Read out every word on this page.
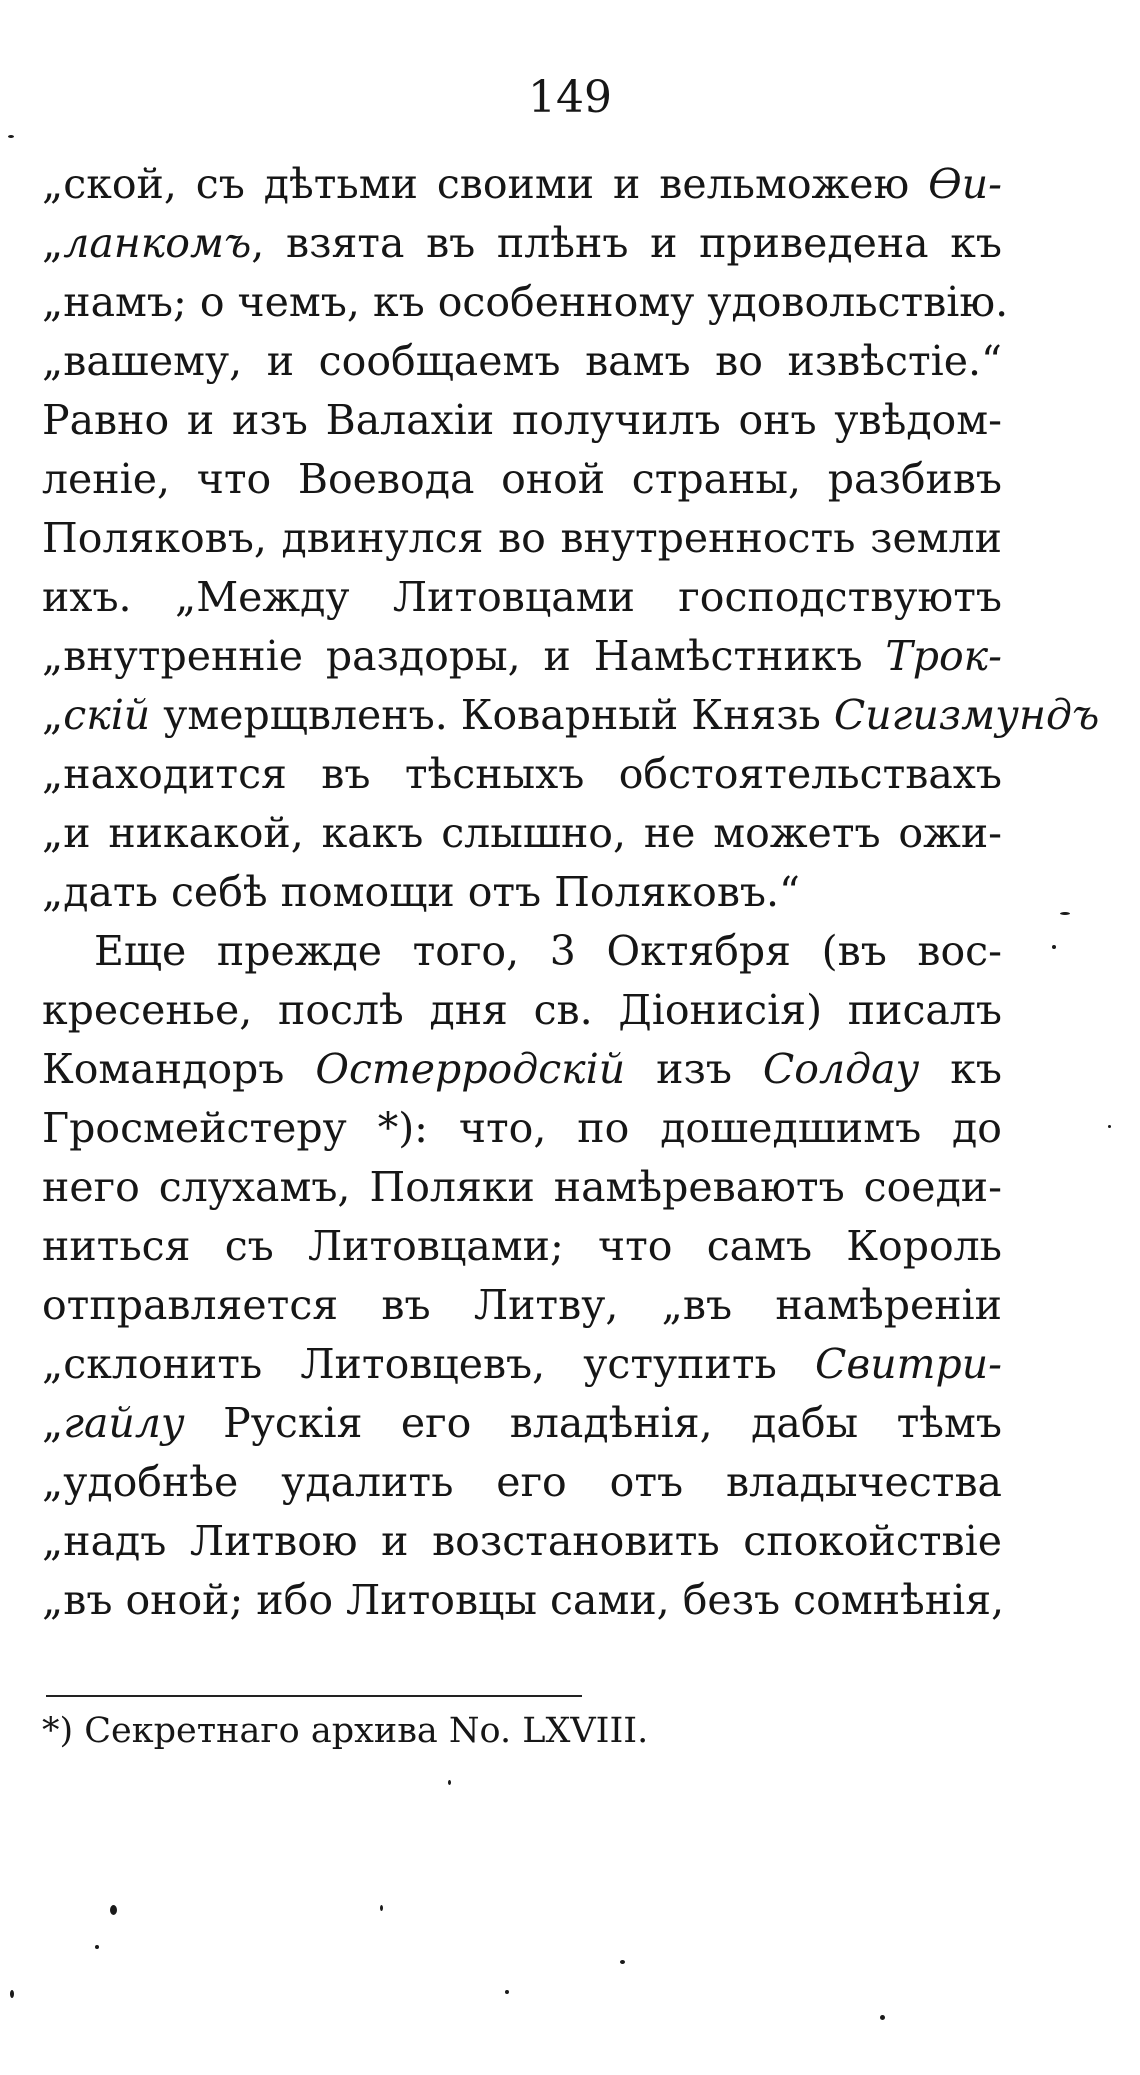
149
„ской, съ дѣтьми своими и вельможею Ѳи-
„ланкомъ, взята въ плѣнъ и приведена къ
„намъ; о чемъ, къ особенному удовольствію.
„вашему, и сообщаемъ вамъ во извѣстіе.“
Равно и изъ Валахіи получилъ онъ увѣдом-
леніе, что Воевода оной страны, разбивъ
Поляковъ, двинулся во внутренность земли
ихъ. „Между Литовцами господствуютъ
„внутренніе раздоры, и Намѣстникъ Трок-
„скій умерщвленъ. Коварный Князь Сигизмундъ
„находится въ тѣсныхъ обстоятельствахъ
„и никакой, какъ слышно, не можетъ ожи-
„дать себѣ помощи отъ Поляковъ.“
Еще прежде того, 3 Октября (въ вос-
кресенье, послѣ дня св. Діонисія) писалъ
Командоръ Остерродскій изъ Солдау къ
Гросмейстеру *): что, по дошедшимъ до
него слухамъ, Поляки намѣреваютъ соеди-
ниться съ Литовцами; что самъ Король
отправляется въ Литву, „въ намѣреніи
„склонить Литовцевъ, уступить Свитри-
„гайлу Рускія его владѣнія, дабы тѣмъ
„удобнѣе удалить его отъ владычества
„надъ Литвою и возстановить спокойствіе
„въ оной; ибо Литовцы сами, безъ сомнѣнія,
*) Секретнаго архива No. LXVIII.
